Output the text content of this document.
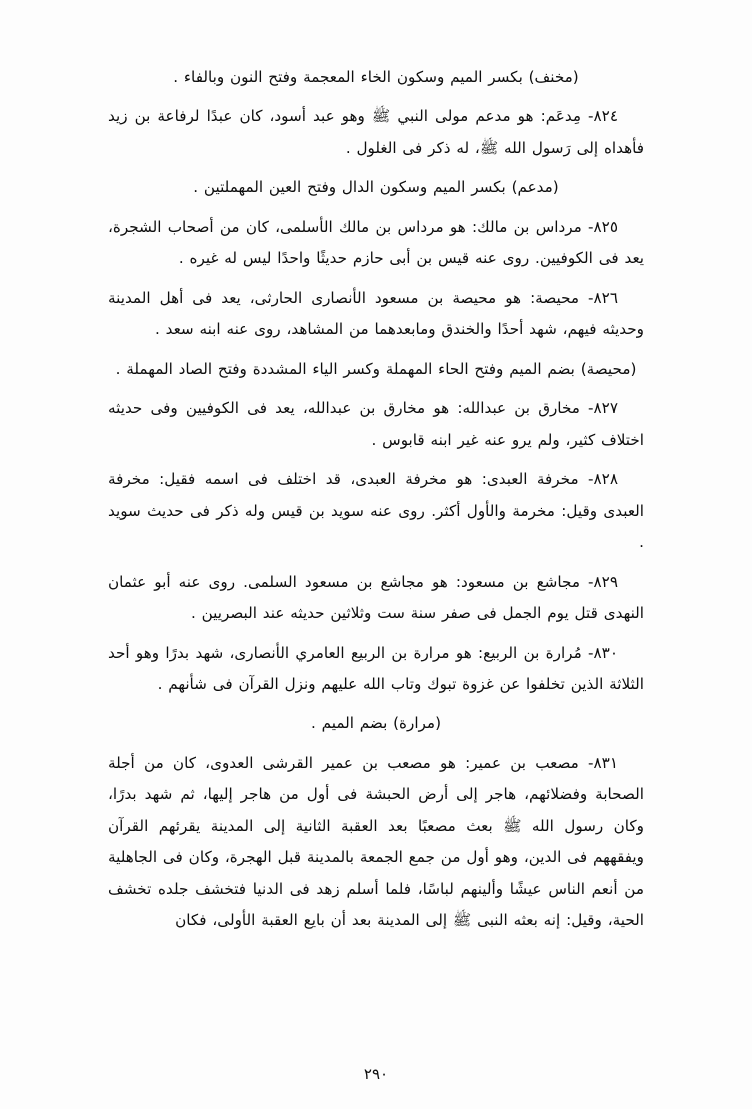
(مخنف) بكسر الميم وسكون الخاء المعجمة وفتح النون وبالفاء .

٨٢٤- مِدعَم: هو مدعم مولى النبي ﷺ وهو عبد أسود، كان عبدًا لرفاعة بن زيد فأهداه إلى رَسول الله ﷺ، له ذكر فى الغلول .

(مدعم) بكسر الميم وسكون الدال وفتح العين المهملتين .

٨٢٥- مرداس بن مالك: هو مرداس بن مالك الأسلمى، كان من أصحاب الشجرة، يعد فى الكوفيين. روى عنه قيس بن أبى حازم حديثًا واحدًا ليس له غيره .

٨٢٦- محيصة: هو محيصة بن مسعود الأنصارى الحارثى، يعد فى أهل المدينة وحديثه فيهم، شهد أحدًا والخندق ومابعدهما من المشاهد، روى عنه ابنه سعد .

(محيصة) بضم الميم وفتح الحاء المهملة وكسر الياء المشددة وفتح الصاد المهملة .

٨٢٧- مخارق بن عبدالله: هو مخارق بن عبدالله، يعد فى الكوفيين وفى حديثه اختلاف كثير، ولم يرو عنه غير ابنه قابوس .

٨٢٨- مخرفة العبدى: هو مخرفة العبدى، قد اختلف فى اسمه فقيل: مخرفة العبدى وقيل: مخرمة والأول أكثر. روى عنه سويد بن قيس وله ذكر فى حديث سويد .

٨٢٩- مجاشع بن مسعود: هو مجاشع بن مسعود السلمى. روى عنه أبو عثمان النهدى قتل يوم الجمل فى صفر سنة ست وثلاثين حديثه عند البصريين .

٨٣٠- مُرارة بن الربيع: هو مرارة بن الربيع العامري الأنصارى، شهد بدرًا وهو أحد الثلاثة الذين تخلفوا عن غزوة تبوك وتاب الله عليهم ونزل القرآن فى شأنهم .

(مرارة) بضم الميم .

٨٣١- مصعب بن عمير: هو مصعب بن عمير القرشى العدوى، كان من أجلة الصحابة وفضلائهم، هاجر إلى أرض الحبشة فى أول من هاجر إليها، ثم شهد بدرًا، وكان رسول الله ﷺ بعث مصعبًا بعد العقبة الثانية إلى المدينة يقرئهم القرآن ويفقههم فى الدين، وهو أول من جمع الجمعة بالمدينة قبل الهجرة، وكان فى الجاهلية من أنعم الناس عيشًا وألينهم لباسًا، فلما أسلم زهد فى الدنيا فتخشف جلده تخشف الحية، وقيل: إنه بعثه النبى ﷺ إلى المدينة بعد أن بايع العقبة الأولى، فكان

٢٩٠
